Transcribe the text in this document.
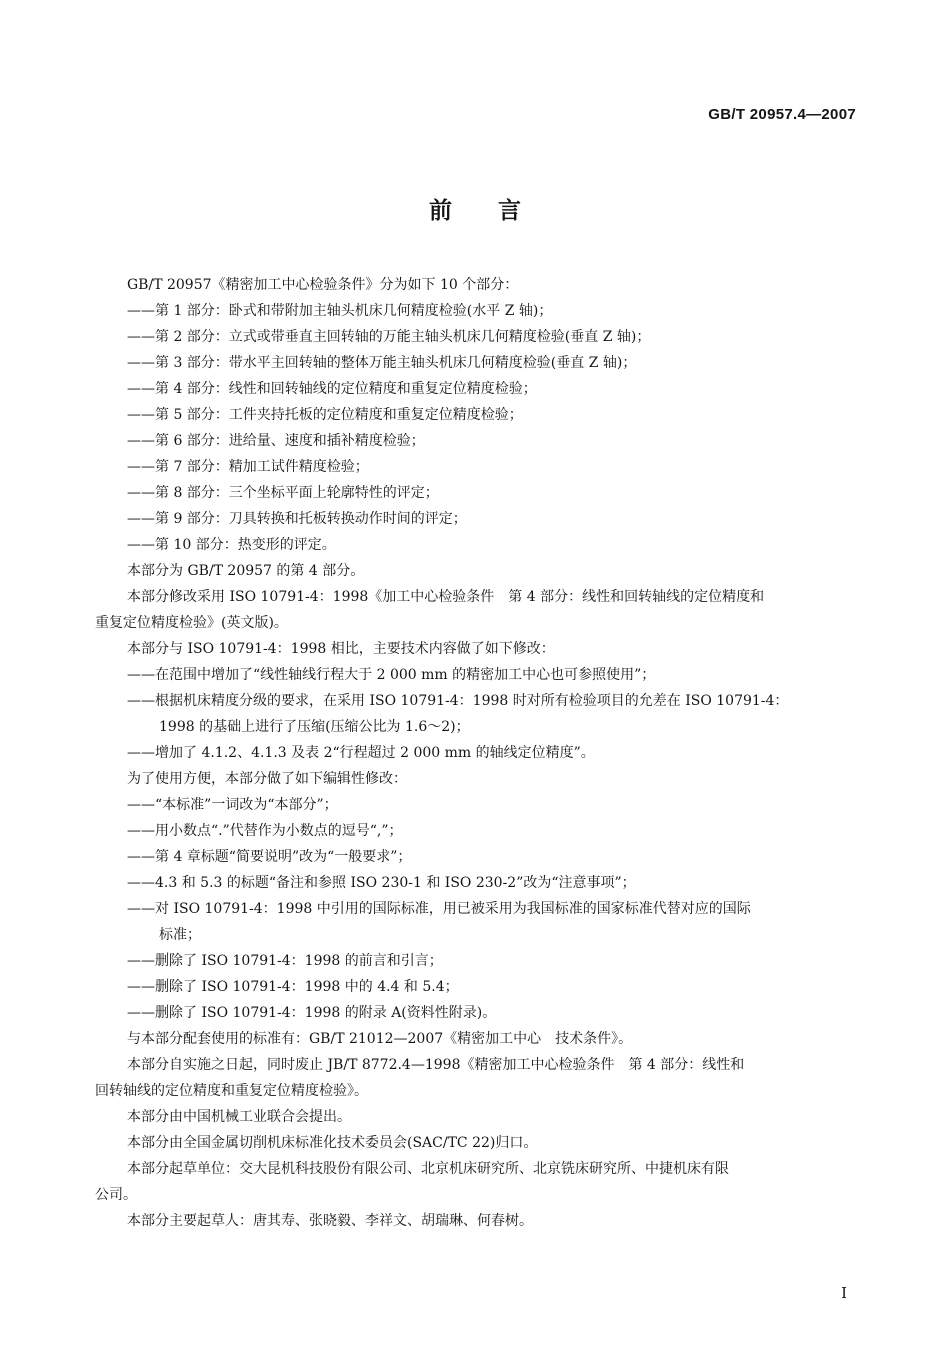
GB/T 20957.4—2007
前言
GB/T 20957《精密加工中心检验条件》分为如下 10 个部分：
——第 1 部分：卧式和带附加主轴头机床几何精度检验(水平 Z 轴)；
——第 2 部分：立式或带垂直主回转轴的万能主轴头机床几何精度检验(垂直 Z 轴)；
——第 3 部分：带水平主回转轴的整体万能主轴头机床几何精度检验(垂直 Z 轴)；
——第 4 部分：线性和回转轴线的定位精度和重复定位精度检验；
——第 5 部分：工件夹持托板的定位精度和重复定位精度检验；
——第 6 部分：进给量、速度和插补精度检验；
——第 7 部分：精加工试件精度检验；
——第 8 部分：三个坐标平面上轮廓特性的评定；
——第 9 部分：刀具转换和托板转换动作时间的评定；
——第 10 部分：热变形的评定。
本部分为 GB/T 20957 的第 4 部分。
本部分修改采用 ISO 10791-4：1998《加工中心检验条件　第 4 部分：线性和回转轴线的定位精度和
重复定位精度检验》(英文版)。
本部分与 ISO 10791-4：1998 相比，主要技术内容做了如下修改：
——在范围中增加了“线性轴线行程大于 2 000 mm 的精密加工中心也可参照使用”；
——根据机床精度分级的要求，在采用 ISO 10791-4：1998 时对所有检验项目的允差在 ISO 10791-4：
1998 的基础上进行了压缩(压缩公比为 1.6～2)；
——增加了 4.1.2、4.1.3 及表 2“行程超过 2 000 mm 的轴线定位精度”。
为了使用方便，本部分做了如下编辑性修改：
——“本标准”一词改为“本部分”；
——用小数点“.”代替作为小数点的逗号“,”；
——第 4 章标题“简要说明”改为“一般要求”；
——4.3 和 5.3 的标题“备注和参照 ISO 230-1 和 ISO 230-2”改为“注意事项”；
——对 ISO 10791-4：1998 中引用的国际标准，用已被采用为我国标准的国家标准代替对应的国际
标准；
——删除了 ISO 10791-4：1998 的前言和引言；
——删除了 ISO 10791-4：1998 中的 4.4 和 5.4；
——删除了 ISO 10791-4：1998 的附录 A(资料性附录)。
与本部分配套使用的标准有：GB/T 21012—2007《精密加工中心　技术条件》。
本部分自实施之日起，同时废止 JB/T 8772.4—1998《精密加工中心检验条件　第 4 部分：线性和
回转轴线的定位精度和重复定位精度检验》。
本部分由中国机械工业联合会提出。
本部分由全国金属切削机床标准化技术委员会(SAC/TC 22)归口。
本部分起草单位：交大昆机科技股份有限公司、北京机床研究所、北京铣床研究所、中捷机床有限
公司。
本部分主要起草人：唐其寿、张晓毅、李祥文、胡瑞琳、何春树。
I
